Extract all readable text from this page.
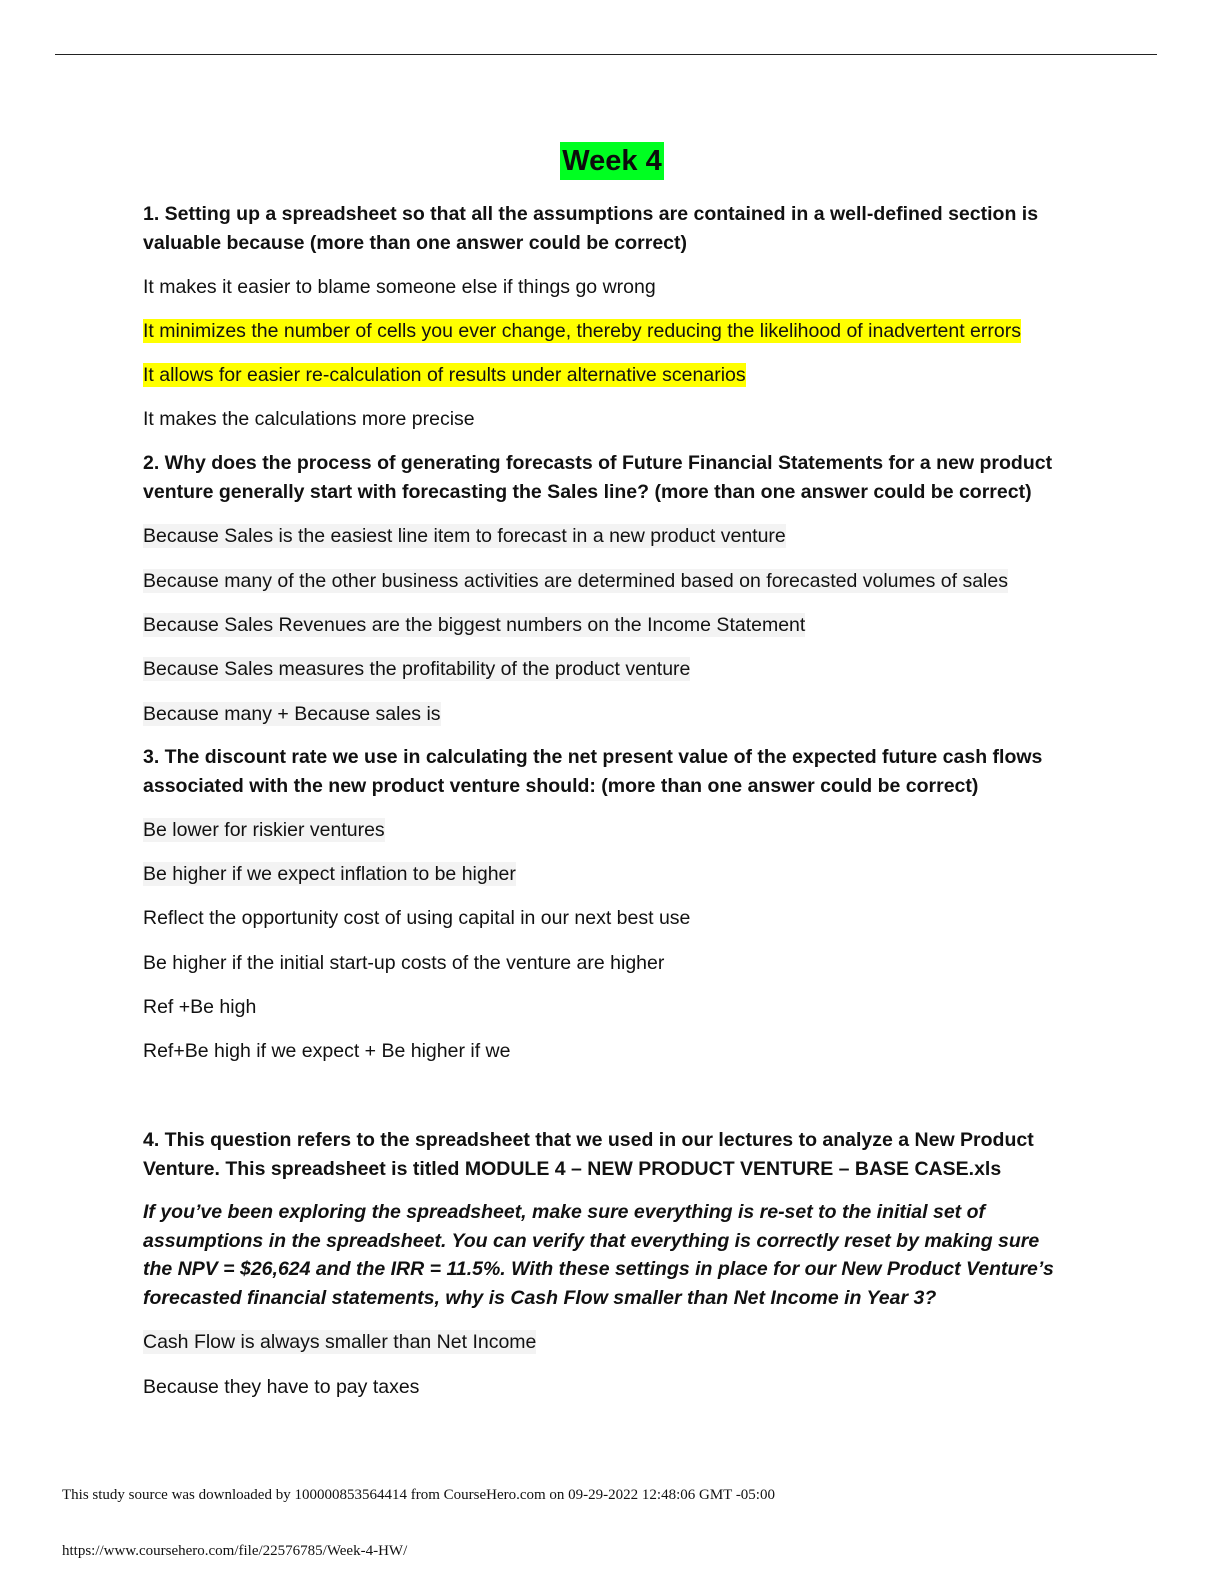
Week 4
1. Setting up a spreadsheet so that all the assumptions are contained in a well-defined section is valuable because (more than one answer could be correct)
It makes it easier to blame someone else if things go wrong
It minimizes the number of cells you ever change, thereby reducing the likelihood of inadvertent errors
It allows for easier re-calculation of results under alternative scenarios
It makes the calculations more precise
2. Why does the process of generating forecasts of Future Financial Statements for a new product venture generally start with forecasting the Sales line? (more than one answer could be correct)
Because Sales is the easiest line item to forecast in a new product venture
Because many of the other business activities are determined based on forecasted volumes of sales
Because Sales Revenues are the biggest numbers on the Income Statement
Because Sales measures the profitability of the product venture
Because many + Because sales is
3. The discount rate we use in calculating the net present value of the expected future cash flows associated with the new product venture should: (more than one answer could be correct)
Be lower for riskier ventures
Be higher if we expect inflation to be higher
Reflect the opportunity cost of using capital in our next best use
Be higher if the initial start-up costs of the venture are higher
Ref +Be high
Ref+Be high if we expect + Be higher if we
4. This question refers to the spreadsheet that we used in our lectures to analyze a New Product Venture. This spreadsheet is titled MODULE 4 – NEW PRODUCT VENTURE – BASE CASE.xls
If you’ve been exploring the spreadsheet, make sure everything is re-set to the initial set of assumptions in the spreadsheet. You can verify that everything is correctly reset by making sure the NPV = $26,624 and the IRR = 11.5%. With these settings in place for our New Product Venture’s forecasted financial statements, why is Cash Flow smaller than Net Income in Year 3?
Cash Flow is always smaller than Net Income
Because they have to pay taxes
This study source was downloaded by 100000853564414 from CourseHero.com on 09-29-2022 12:48:06 GMT -05:00
https://www.coursehero.com/file/22576785/Week-4-HW/
